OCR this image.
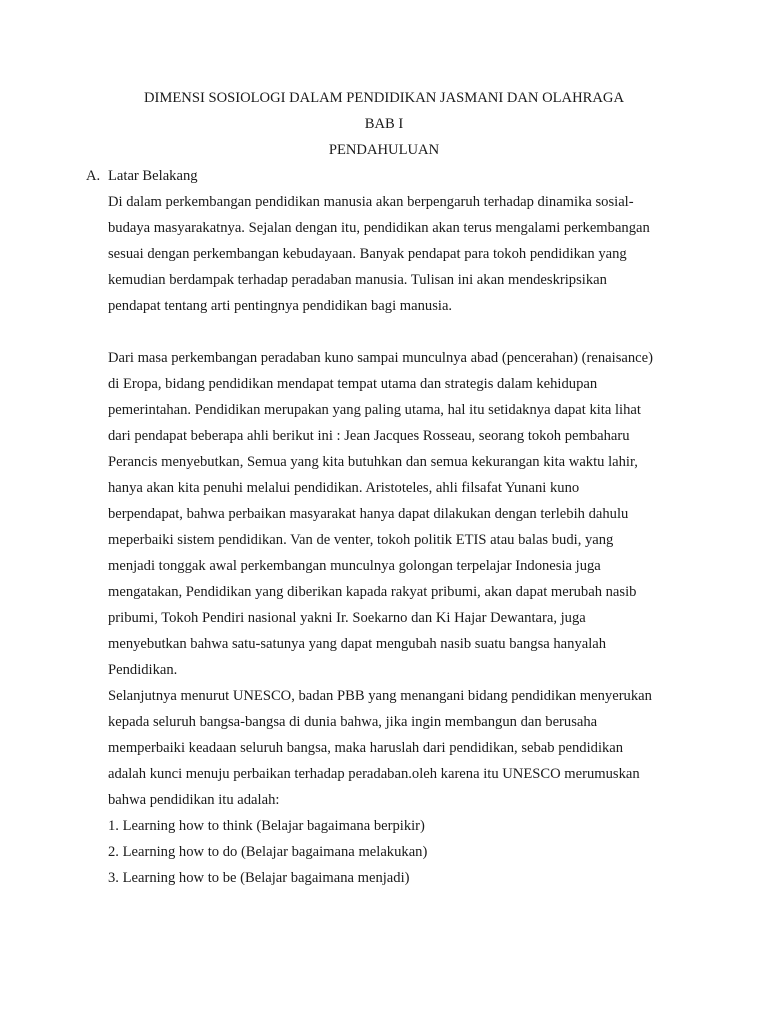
DIMENSI SOSIOLOGI DALAM PENDIDIKAN JASMANI DAN OLAHRAGA
BAB I
PENDAHULUAN
A. Latar Belakang
Di dalam perkembangan pendidikan manusia akan berpengaruh terhadap dinamika sosial-
budaya masyarakatnya. Sejalan dengan itu, pendidikan akan terus mengalami perkembangan
sesuai dengan perkembangan kebudayaan. Banyak pendapat para tokoh pendidikan yang
kemudian berdampak terhadap peradaban manusia. Tulisan ini akan mendeskripsikan
pendapat tentang arti pentingnya pendidikan bagi manusia.
Dari masa perkembangan peradaban kuno sampai munculnya abad (pencerahan) (renaisance)
di Eropa, bidang pendidikan mendapat tempat utama dan strategis dalam kehidupan
pemerintahan. Pendidikan merupakan yang paling utama, hal itu setidaknya dapat kita lihat
dari pendapat beberapa ahli berikut ini : Jean Jacques Rosseau, seorang tokoh pembaharu
Perancis menyebutkan, Semua yang kita butuhkan dan semua kekurangan kita waktu lahir,
hanya akan kita penuhi melalui pendidikan. Aristoteles, ahli filsafat Yunani kuno
berpendapat, bahwa perbaikan masyarakat hanya dapat dilakukan dengan terlebih dahulu
meperbaiki sistem pendidikan. Van de venter, tokoh politik ETIS atau balas budi, yang
menjadi tonggak awal perkembangan munculnya golongan terpelajar Indonesia juga
mengatakan, Pendidikan yang diberikan kapada rakyat pribumi, akan dapat merubah nasib
pribumi, Tokoh Pendiri nasional yakni Ir. Soekarno dan Ki Hajar Dewantara, juga
menyebutkan bahwa satu-satunya yang dapat mengubah nasib suatu bangsa hanyalah
Pendidikan.
Selanjutnya menurut UNESCO, badan PBB yang menangani bidang pendidikan menyerukan
kepada seluruh bangsa-bangsa di dunia bahwa, jika ingin membangun dan berusaha
memperbaiki keadaan seluruh bangsa, maka haruslah dari pendidikan, sebab pendidikan
adalah kunci menuju perbaikan terhadap peradaban.oleh karena itu UNESCO merumuskan
bahwa pendidikan itu adalah:
1. Learning how to think (Belajar bagaimana berpikir)
2. Learning how to do (Belajar bagaimana melakukan)
3. Learning how to be (Belajar bagaimana menjadi)
